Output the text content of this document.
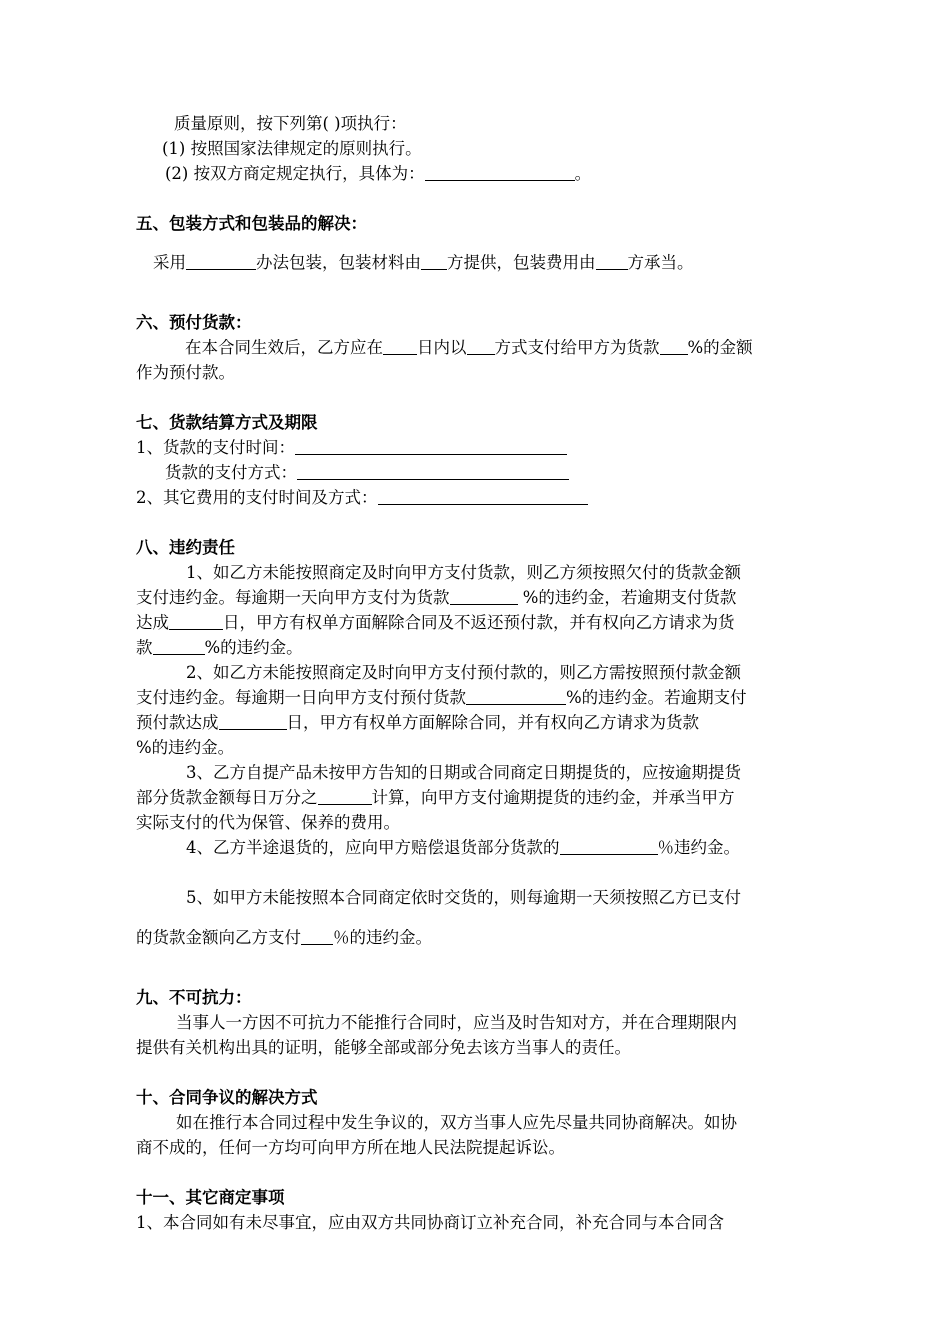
质量原则，按下列第( )项执行：
(1) 按照国家法律规定的原则执行。
(2) 按双方商定规定执行，具体为：	。
五、包装方式和包装品的解决：
采用	办法包装，包装材料由 方提供，包装费用由 方承当。
六、预付货款：
在本合同生效后，乙方应在 日内以 方式支付给甲方为货款 %的金额
作为预付款。
七、货款结算方式及期限
1、货款的支付时间：
货款的支付方式：
2、其它费用的支付时间及方式：
八、违约责任
1、如乙方未能按照商定及时向甲方支付货款，则乙方须按照欠付的货款金额
支付违约金。每逾期一天向甲方支付为货款	%的违约金，若逾期支付货款
达成	日，甲方有权单方面解除合同及不返还预付款，并有权向乙方请求为货
款	%的违约金。
2、如乙方未能按照商定及时向甲方支付预付款的，则乙方需按照预付款金额
支付违约金。每逾期一日向甲方支付预付货款	%的违约金。若逾期支付
预付款达成	日，甲方有权单方面解除合同，并有权向乙方请求为货款
%的违约金。
3、乙方自提产品未按甲方告知的日期或合同商定日期提货的，应按逾期提货
部分货款金额每日万分之	计算，向甲方支付逾期提货的违约金，并承当甲方
实际支付的代为保管、保养的费用。
4、乙方半途退货的，应向甲方赔偿退货部分货款的	％违约金。
5、如甲方未能按照本合同商定依时交货的，则每逾期一天须按照乙方已支付
的货款金额向乙方支付 ％的违约金。
九、不可抗力：
当事人一方因不可抗力不能推行合同时，应当及时告知对方，并在合理期限内
提供有关机构出具的证明，能够全部或部分免去该方当事人的责任。
十、合同争议的解决方式
如在推行本合同过程中发生争议的，双方当事人应先尽量共同协商解决。如协
商不成的，任何一方均可向甲方所在地人民法院提起诉讼。
十一、其它商定事项
1、本合同如有未尽事宜，应由双方共同协商订立补充合同，补充合同与本合同含
